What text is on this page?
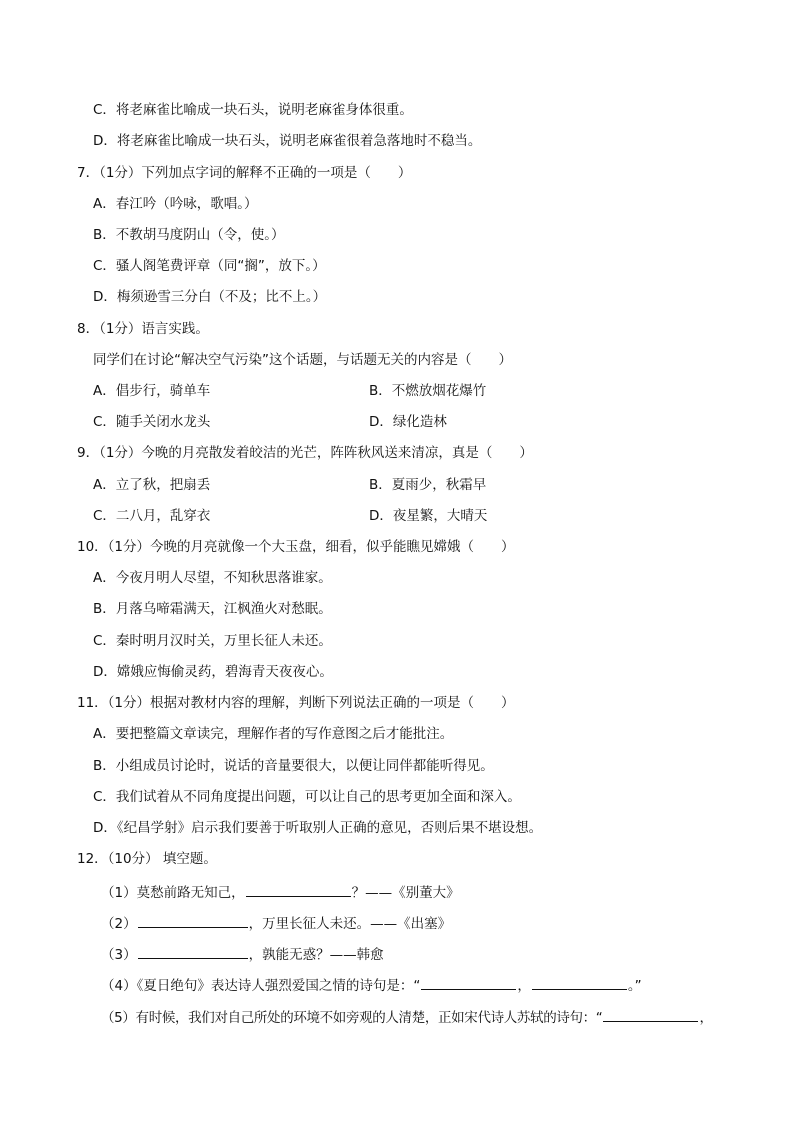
C．将老麻雀比喻成一块石头，说明老麻雀身体很重。
D．将老麻雀比喻成一块石头，说明老麻雀很着急落地时不稳当。
7．（1分）下列加点字词的解释不正确的一项是（　　）
A．春江吟（吟咏，歌唱。）
B．不教胡马度阴山（令，使。）
C．骚人阁笔费评章（同“搁”，放下。）
D．梅须逊雪三分白（不及；比不上。）
8．（1分）语言实践。
同学们在讨论“解决空气污染”这个话题，与话题无关的内容是（　　）
A．倡步行，骑单车	B．不燃放烟花爆竹
C．随手关闭水龙头	D．绿化造林
9．（1分）今晚的月亮散发着皎洁的光芒，阵阵秋风送来清凉，真是（　　）
A．立了秋，把扇丢	B．夏雨少，秋霜早
C．二八月，乱穿衣	D．夜星繁，大晴天
10．（1分）今晚的月亮就像一个大玉盘，细看，似乎能瞧见嫦娥（　　）
A．今夜月明人尽望，不知秋思落谁家。
B．月落乌啼霜满天，江枫渔火对愁眠。
C．秦时明月汉时关，万里长征人未还。
D．嫦娥应悔偷灵药，碧海青天夜夜心。
11．（1分）根据对教材内容的理解，判断下列说法正确的一项是（　　）
A．要把整篇文章读完，理解作者的写作意图之后才能批注。
B．小组成员讨论时，说话的音量要很大，以便让同伴都能听得见。
C．我们试着从不同角度提出问题，可以让自己的思考更加全面和深入。
D．《纪昌学射》启示我们要善于听取别人正确的意见，否则后果不堪设想。
12．（10分） 填空题。
（1）莫愁前路无知己，	？——《别董大》
（2）	，万里长征人未还。——《出塞》
（3）	，孰能无惑？——韩愈
（4）《夏日绝句》表达诗人强烈爱国之情的诗句是：“	，	。”
（5）有时候，我们对自己所处的环境不如旁观的人清楚，正如宋代诗人苏轼的诗句：“	，
